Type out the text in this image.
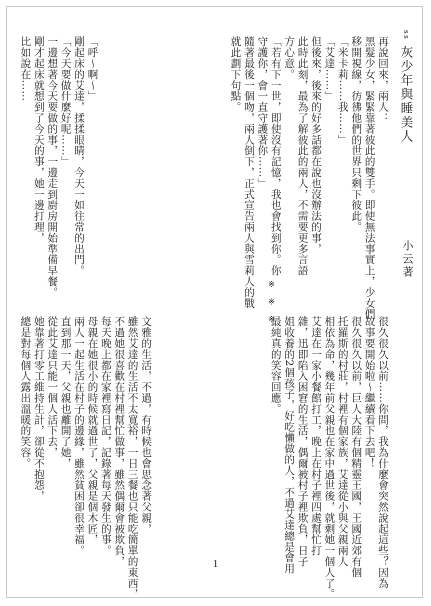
ss 灰少年與睡美人
小云著
再說回來，兩人：
黑髮少女，緊緊靠著彼此的雙手。即使無法事實上，少女們
移開視線，彷彿他們的世界只剩下彼此。
「米卡莉……我……」
「艾達……」
但後來，後來的好多話都在說也沒辦法的事，
此時此刻，最為了解彼此的兩人，不需要更多言語
方心意。
「若有下一世，即使沒有記憶，我也會找到你。你
守護你，會一直守護著你……」
隨著最後一個吻，兩人倒下，正式宣告兩人與雪莉人的戰
就此劃下句點。
※ ※ ※
很久很久以前……你問，我為什麼會突然說起這些？因為
故事要開始啦～繼續看下去吧！
很久很久以前，巨人大陸有個精靈王國，王國近郊有個
托羅斯的村莊，村裡有個家族，艾達從小與父親兩人
相依為命，幾年前父親也在家中過世後，就剩她一個人了。
艾達在一家小餐館打工，晚上在村子裡四處幫忙打
雜，迅即陷入困窘的生活，偶爾被村子裡欺負，日子
姐收養的2個孩子，好吃懶做的人，不過艾達總是會用
最純真的笑容回應。
「呼～啊～」
剛起床的艾達，揉揉眼睛，今天一如往常的出門。
「今天要做什麼好呢……」
一邊想著今天要做的事，一邊走到廚房開始準備早餐。
剛才起床就想到了今天的事，她一邊打理，
比如說在……
文雅的生活，不過，有時候也會思念著父親，
雖然艾達的生活不太寬裕，一日三餐也只能吃簡單的東西，
不過她很喜歡在村裡幫忙做事，雖然偶爾會被欺負，
每天晚上都在家裡寫日記，記錄著每天發生的事。
母親在她很小的時候就過世了，父親是個木匠，
兩人一起生活在村子的邊緣，雖然貧困卻很幸福。
直到那一天，父親也離開了她，
從此艾達只能一個人活下去，
她靠著打零工維持生計，卻從不抱怨，
總是對每個人露出溫暖的笑容。
1
